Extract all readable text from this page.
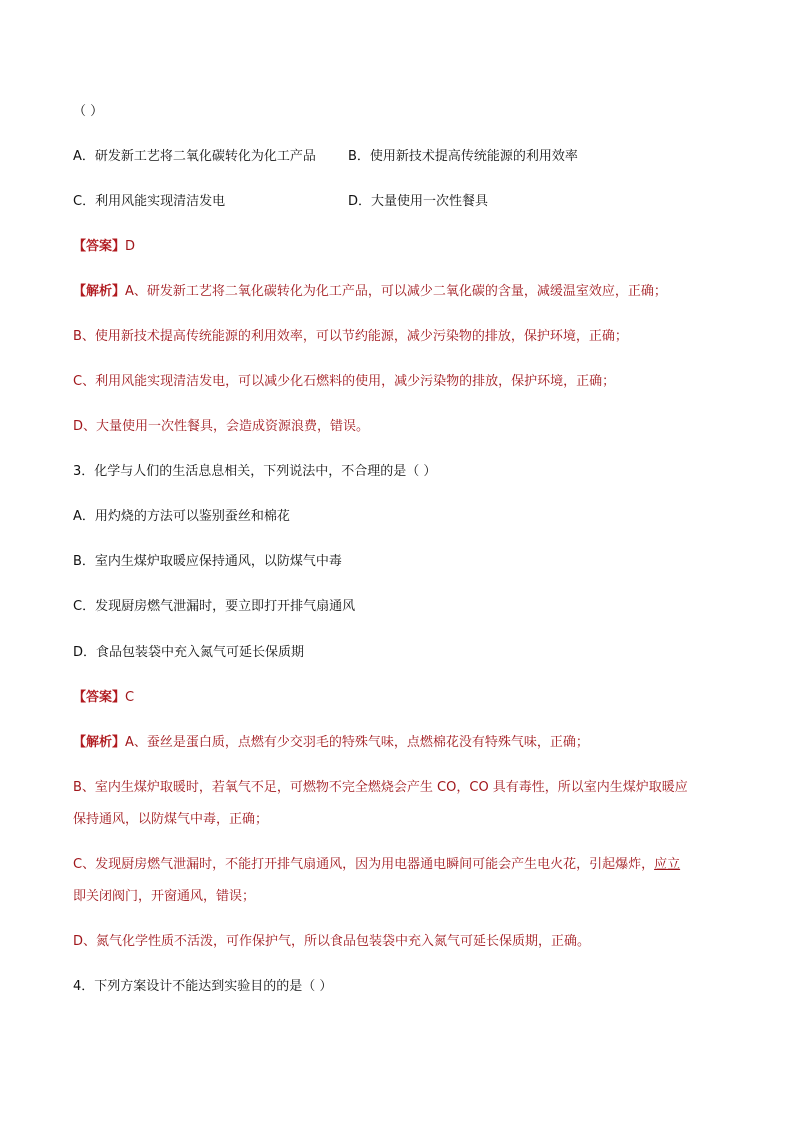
（ ）
A．研发新工艺将二氧化碳转化为化工产品 B．使用新技术提高传统能源的利用效率
C．利用风能实现清洁发电	D．大量使用一次性餐具
【答案】D
【解析】A、研发新工艺将二氧化碳转化为化工产品，可以减少二氧化碳的含量，减缓温室效应，正确；
B、使用新技术提高传统能源的利用效率，可以节约能源，减少污染物的排放，保护环境，正确；
C、利用风能实现清洁发电，可以减少化石燃料的使用，减少污染物的排放，保护环境，正确；
D、大量使用一次性餐具，会造成资源浪费，错误。
3．化学与人们的生活息息相关，下列说法中，不合理的是（ ）
A．用灼烧的方法可以鉴别蚕丝和棉花
B．室内生煤炉取暖应保持通风，以防煤气中毒
C．发现厨房燃气泄漏时，要立即打开排气扇通风
D．食品包装袋中充入氮气可延长保质期
【答案】C
【解析】A、蚕丝是蛋白质，点燃有少交羽毛的特殊气味，点燃棉花没有特殊气味，正确；
B、室内生煤炉取暖时，若氧气不足，可燃物不完全燃烧会产生 CO，CO 具有毒性，所以室内生煤炉取暖应
保持通风，以防煤气中毒，正确；
C、发现厨房燃气泄漏时，不能打开排气扇通风，因为用电器通电瞬间可能会产生电火花，引起爆炸，应立
即关闭阀门，开窗通风，错误；
D、氮气化学性质不活泼，可作保护气，所以食品包装袋中充入氮气可延长保质期，正确。
4．下列方案设计不能达到实验目的的是（ ）
